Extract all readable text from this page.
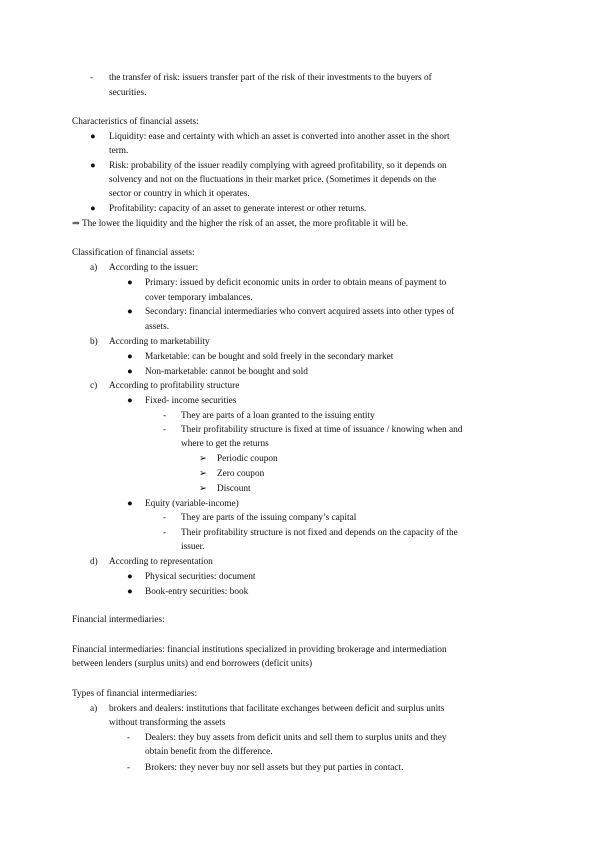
- the transfer of risk: issuers transfer part of the risk of their investments to the buyers of
securities.
Characteristics of financial assets:
● Liquidity: ease and certainty with which an asset is converted into another asset in the short
term.
● Risk: probability of the issuer readily complying with agreed profitability, so it depends on
solvency and not on the fluctuations in their market price. (Sometimes it depends on the
sector or country in which it operates.
● Profitability: capacity of an asset to generate interest or other returns.
⇒ The lower the liquidity and the higher the risk of an asset, the more profitable it will be.
Classification of financial assets:
a) According to the issuer:
● Primary: issued by deficit economic units in order to obtain means of payment to
cover temporary imbalances.
● Secondary: financial intermediaries who convert acquired assets into other types of
assets.
b) According to marketability
● Marketable: can be bought and sold freely in the secondary market
● Non-marketable: cannot be bought and sold
c) According to profitability structure
● Fixed- income securities
- They are parts of a loan granted to the issuing entity
- Their profitability structure is fixed at time of issuance / knowing when and
where to get the returns
➢ Periodic coupon
➢ Zero coupon
➢ Discount
● Equity (variable-income)
- They are parts of the issuing company’s capital
- Their profitability structure is not fixed and depends on the capacity of the
issuer.
d) According to representation
● Physical securities: document
● Book-entry securities: book
Financial intermediaries:
Financial intermediaries: financial institutions specialized in providing brokerage and intermediation
between lenders (surplus units) and end borrowers (deficit units)
Types of financial intermediaries:
a) brokers and dealers: institutions that facilitate exchanges between deficit and surplus units
without transforming the assets
- Dealers: they buy assets from deficit units and sell them to surplus units and they
obtain benefit from the difference.
- Brokers: they never buy nor sell assets but they put parties in contact.
